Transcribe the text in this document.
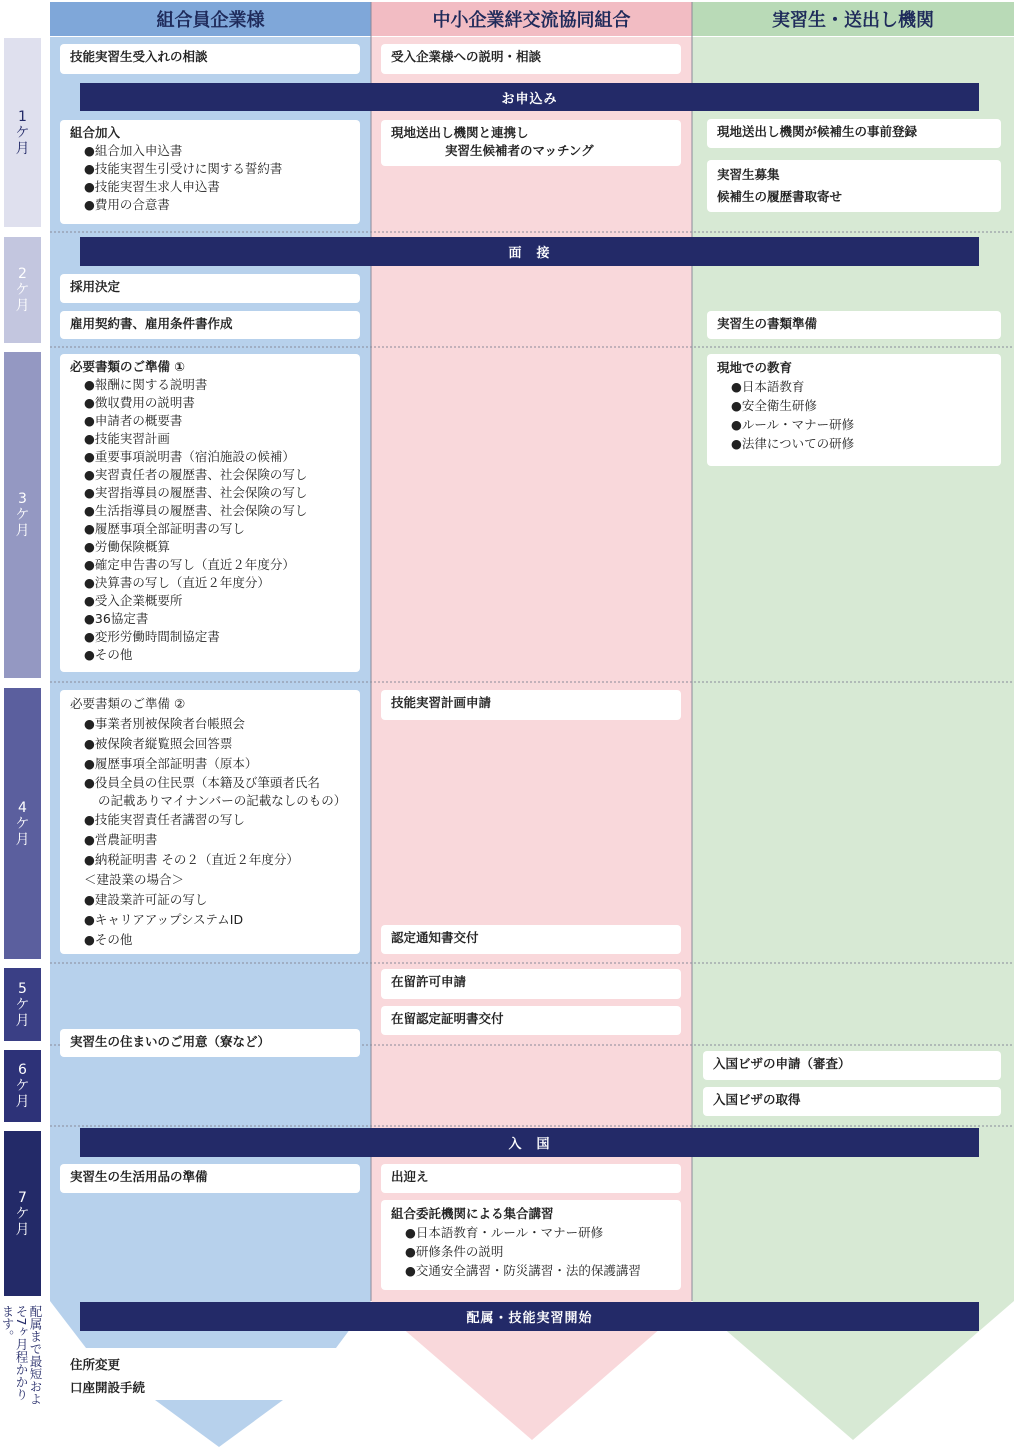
組合員企業様	中小企業絆交流協同組合	実習生・送出し機関
1
ケ
月
2
ケ
月
3
ケ
月
4
ケ
月
5
ケ
月
6
ケ
月
7
ケ
月
お申込み
面　接
入　国
配属・技能実習開始
技能実習生受入れの相談
組合加入
●組合加入申込書
●技能実習生引受けに関する誓約書
●技能実習生求人申込書
●費用の合意書
採用決定
雇用契約書、雇用条件書作成
必要書類のご準備 ①
●報酬に関する説明書
●徴収費用の説明書
●申請者の概要書
●技能実習計画
●重要事項説明書（宿泊施設の候補）
●実習責任者の履歴書、社会保険の写し
●実習指導員の履歴書、社会保険の写し
●生活指導員の履歴書、社会保険の写し
●履歴事項全部証明書の写し
●労働保険概算
●確定申告書の写し（直近２年度分）
●決算書の写し（直近２年度分）
●受入企業概要所
●36協定書
●変形労働時間制協定書
●その他
必要書類のご準備 ②
●事業者別被保険者台帳照会
●被保険者縦覧照会回答票
●履歴事項全部証明書（原本）
●役員全員の住民票（本籍及び筆頭者氏名
の記載ありマイナンバーの記載なしのもの）
●技能実習責任者講習の写し
●営農証明書
●納税証明書 その２（直近２年度分）
＜建設業の場合＞
●建設業許可証の写し
●キャリアアップシステムID
●その他
実習生の住まいのご用意（寮など）
実習生の生活用品の準備
住所変更
口座開設手続
受入企業様への説明・相談
現地送出し機関と連携し
実習生候補者のマッチング
技能実習計画申請
認定通知書交付
在留許可申請
在留認定証明書交付
出迎え
組合委託機関による集合講習
●日本語教育・ルール・マナー研修
●研修条件の説明
●交通安全講習・防災講習・法的保護講習
現地送出し機関が候補生の事前登録
実習生募集
候補生の履歴書取寄せ
実習生の書類準備
現地での教育
●日本語教育
●安全衛生研修
●ルール・マナー研修
●法律についての研修
入国ビザの申請（審査）
入国ビザの取得
配属まで最短およそ7ヶ月程かかります。
